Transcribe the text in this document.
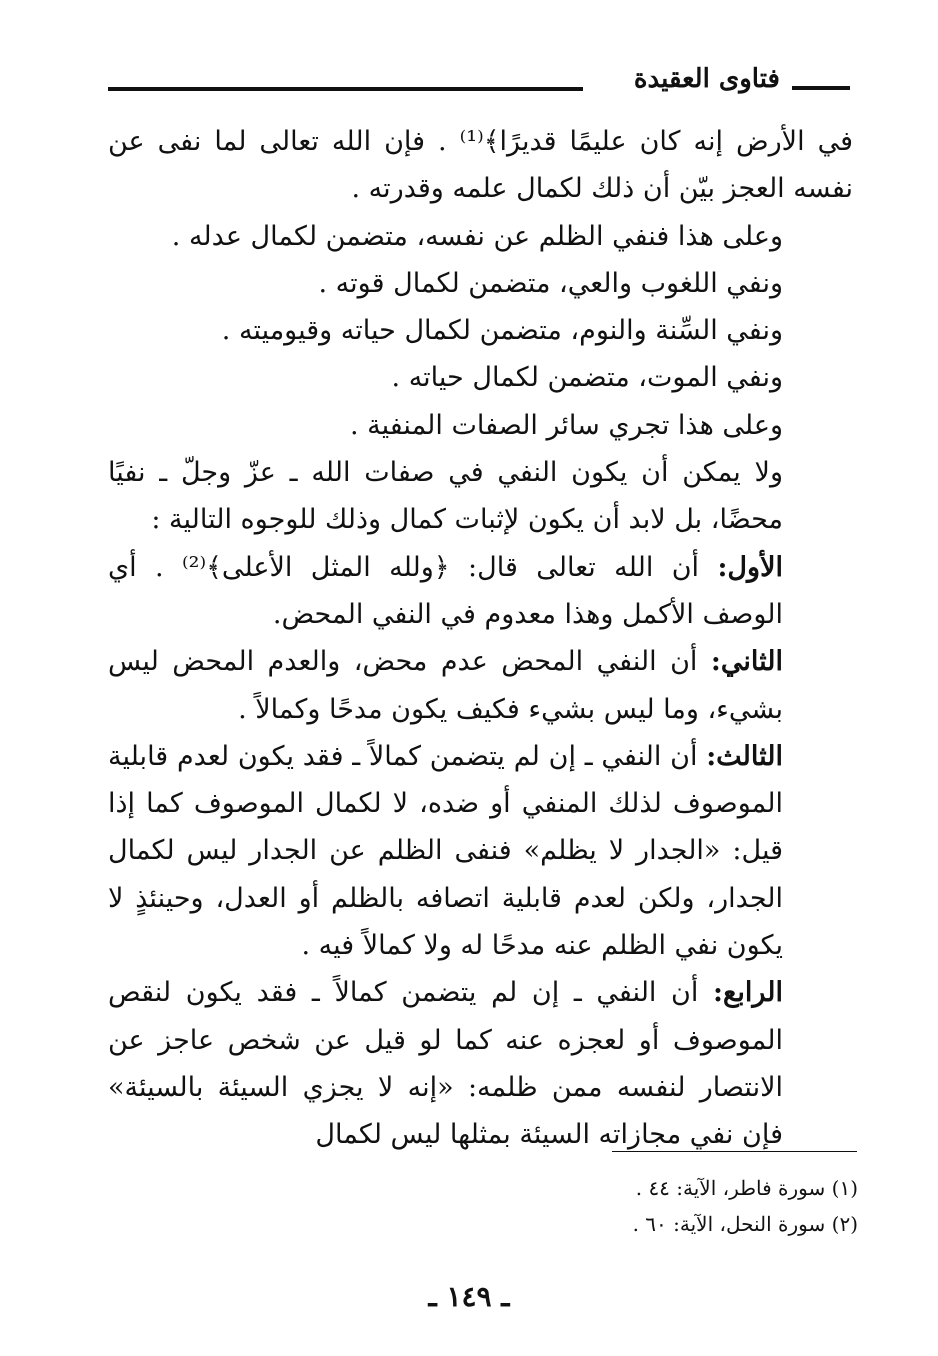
فتاوى العقيدة

في الأرض إنه كان عليمًا قديرًا﴾⁽¹⁾ . فإن الله تعالى لما نفى عن نفسه العجز بيّن أن ذلك لكمال علمه وقدرته .

وعلى هذا فنفي الظلم عن نفسه، متضمن لكمال عدله .

ونفي اللغوب والعي، متضمن لكمال قوته .

ونفي السِّنة والنوم، متضمن لكمال حياته وقيوميته .

ونفي الموت، متضمن لكمال حياته .

وعلى هذا تجري سائر الصفات المنفية .

ولا يمكن أن يكون النفي في صفات الله ـ عزّ وجلّ ـ نفيًا محضًا، بل لابد أن يكون لإثبات كمال وذلك للوجوه التالية :

الأول: أن الله تعالى قال: ﴿ولله المثل الأعلى﴾⁽²⁾ . أي الوصف الأكمل وهذا معدوم في النفي المحض.

الثاني: أن النفي المحض عدم محض، والعدم المحض ليس بشيء، وما ليس بشيء فكيف يكون مدحًا وكمالاً .

الثالث: أن النفي ـ إن لم يتضمن كمالاً ـ فقد يكون لعدم قابلية الموصوف لذلك المنفي أو ضده، لا لكمال الموصوف كما إذا قيل: «الجدار لا يظلم» فنفى الظلم عن الجدار ليس لكمال الجدار، ولكن لعدم قابلية اتصافه بالظلم أو العدل، وحينئذٍ لا يكون نفي الظلم عنه مدحًا له ولا كمالاً فيه .

الرابع: أن النفي ـ إن لم يتضمن كمالاً ـ فقد يكون لنقص الموصوف أو لعجزه عنه كما لو قيل عن شخص عاجز عن الانتصار لنفسه ممن ظلمه: «إنه لا يجزي السيئة بالسيئة» فإن نفي مجازاته السيئة بمثلها ليس لكمال

(١) سورة فاطر، الآية: ٤٤ .
(٢) سورة النحل، الآية: ٦٠ .
ـ ١٤٩ ـ
